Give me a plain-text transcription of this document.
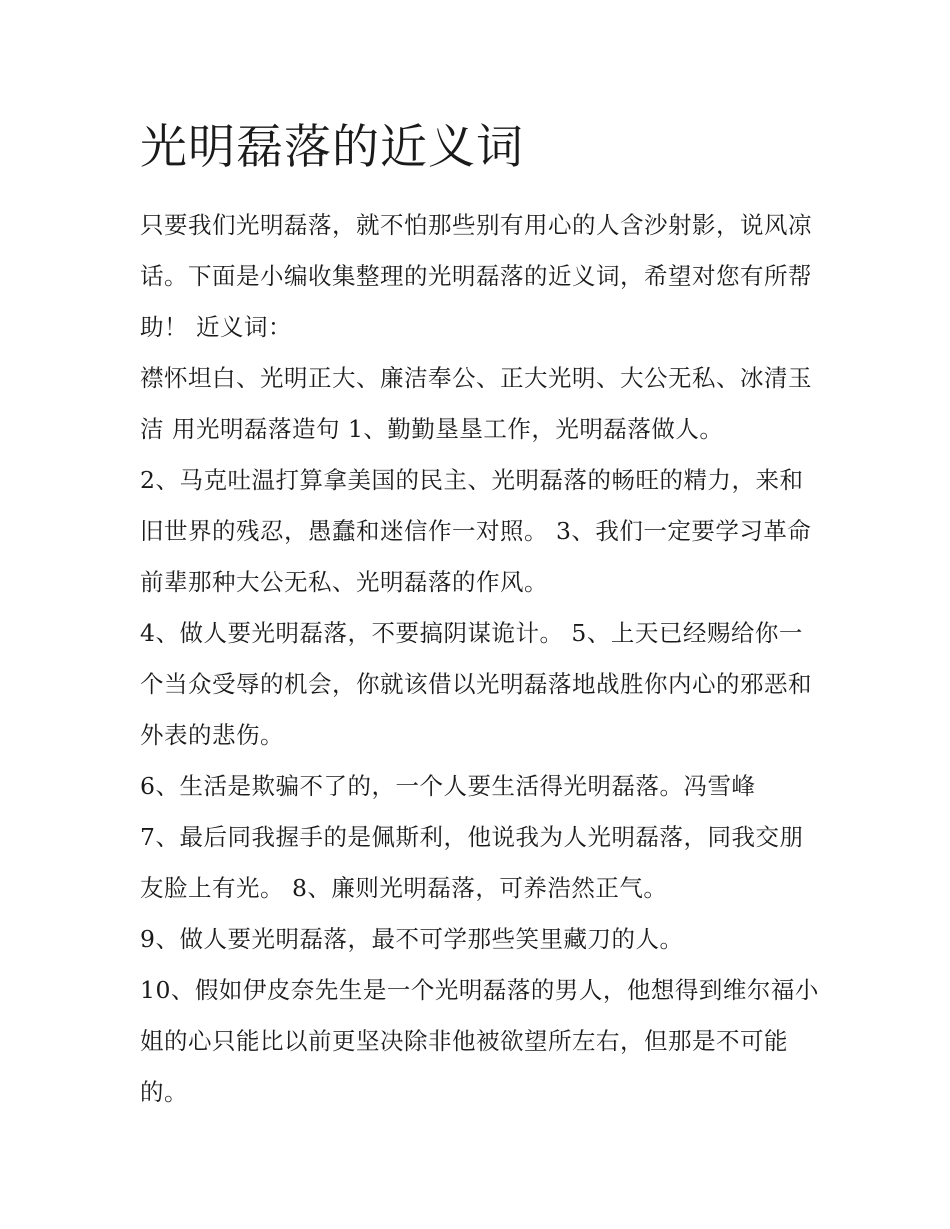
光明磊落的近义词

只要我们光明磊落，就不怕那些别有用心的人含沙射影，说风凉话。下面是小编收集整理的光明磊落的近义词，希望对您有所帮助！ 近义词：

襟怀坦白、光明正大、廉洁奉公、正大光明、大公无私、冰清玉洁 用光明磊落造句 1、勤勤垦垦工作，光明磊落做人。

2、马克吐温打算拿美国的民主、光明磊落的畅旺的精力，来和旧世界的残忍，愚蠢和迷信作一对照。 3、我们一定要学习革命前辈那种大公无私、光明磊落的作风。

4、做人要光明磊落，不要搞阴谋诡计。 5、上天已经赐给你一个当众受辱的机会，你就该借以光明磊落地战胜你内心的邪恶和外表的悲伤。

6、生活是欺骗不了的，一个人要生活得光明磊落。冯雪峰

7、最后同我握手的是佩斯利，他说我为人光明磊落，同我交朋友脸上有光。 8、廉则光明磊落，可养浩然正气。

9、做人要光明磊落，最不可学那些笑里藏刀的人。

10、假如伊皮奈先生是一个光明磊落的男人，他想得到维尔福小姐的心只能比以前更坚决除非他被欲望所左右，但那是不可能的。
